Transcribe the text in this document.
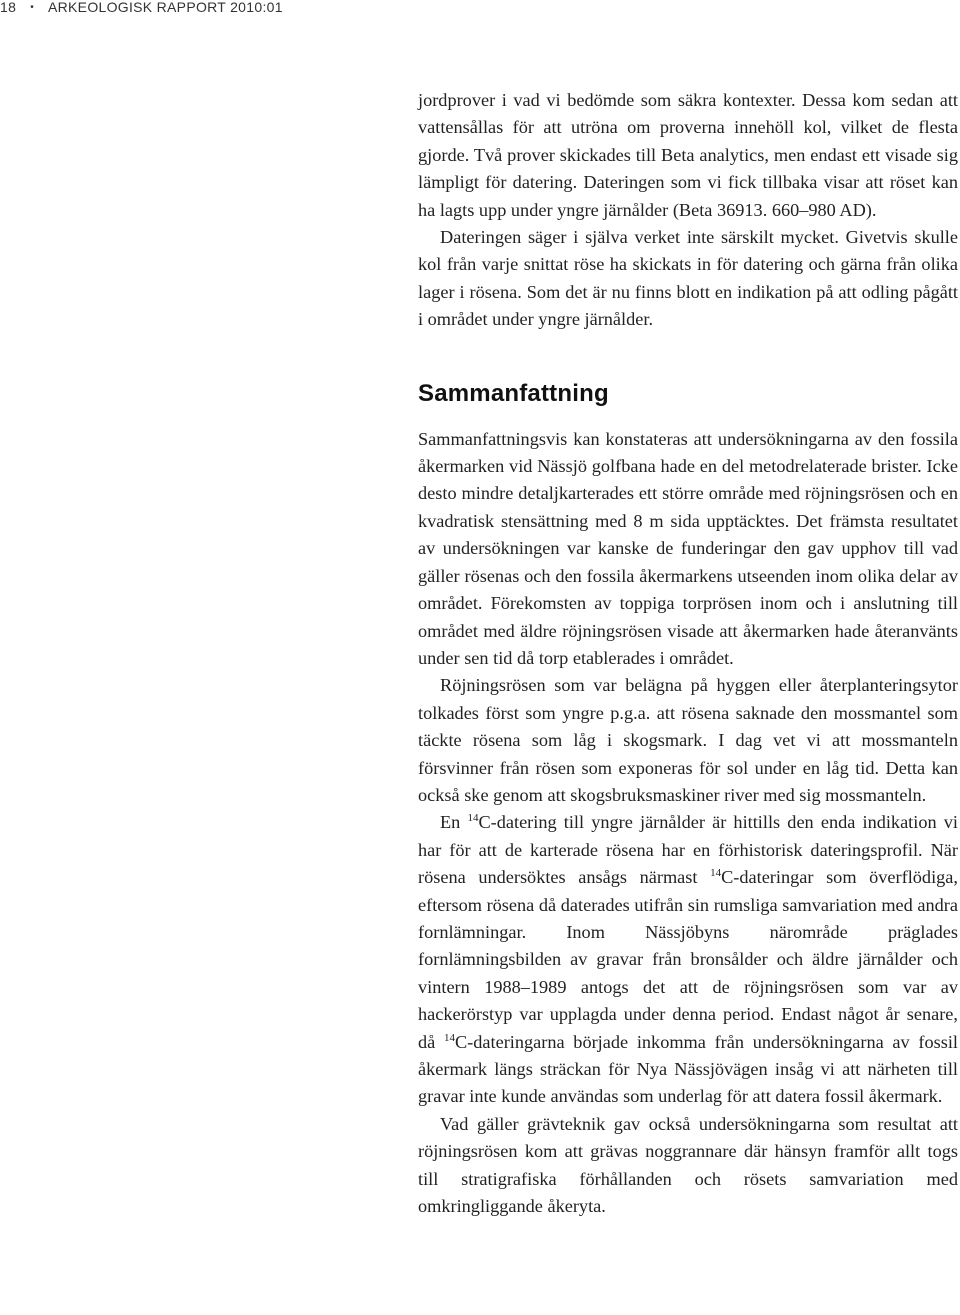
18 • ARKEOLOGISK RAPPORT 2010:01

jordprover i vad vi bedömde som säkra kontexter. Dessa kom sedan att vattensållas för att utröna om proverna innehöll kol, vilket de flesta gjorde. Två prover skickades till Beta analytics, men endast ett visade sig lämpligt för datering. Dateringen som vi fick tillbaka visar att röset kan ha lagts upp under yngre järnålder (Beta 36913. 660–980 AD).

Dateringen säger i själva verket inte särskilt mycket. Givetvis skulle kol från varje snittat röse ha skickats in för datering och gärna från olika lager i rösena. Som det är nu finns blott en indikation på att odling pågått i området under yngre järnålder.

Sammanfattning

Sammanfattningsvis kan konstateras att undersökningarna av den fossila åkermarken vid Nässjö golfbana hade en del metodrelaterade brister. Icke desto mindre detaljkarterades ett större område med röjningsrösen och en kvadratisk stensättning med 8 m sida upptäcktes. Det främsta resultatet av undersökningen var kanske de funderingar den gav upphov till vad gäller rösenas och den fossila åkermarkens utseenden inom olika delar av området. Förekomsten av toppiga torprösen inom och i anslutning till området med äldre röjningsrösen visade att åkermarken hade återanvänts under sen tid då torp etablerades i området.

Röjningsrösen som var belägna på hyggen eller återplanteringsytor tolkades först som yngre p.g.a. att rösena saknade den mossmantel som täckte rösena som låg i skogsmark. I dag vet vi att mossmanteln försvinner från rösen som exponeras för sol under en låg tid. Detta kan också ske genom att skogsbruksmaskiner river med sig mossmanteln.

En $^{14}$C-datering till yngre järnålder är hittills den enda indikation vi har för att de karterade rösena har en förhistorisk dateringsprofil. När rösena undersöktes ansågs närmast $^{14}$C-dateringar som överflödiga, eftersom rösena då daterades utifrån sin rumsliga samvariation med andra fornlämningar. Inom Nässjöbyns närområde präglades fornlämningsbilden av gravar från bronsålder och äldre järnålder och vintern 1988–1989 antogs det att de röjningsrösen som var av hackerörstyp var upplagda under denna period. Endast något år senare, då $^{14}$C-dateringarna började inkomma från undersökningarna av fossil åkermark längs sträckan för Nya Nässjövägen insåg vi att närheten till gravar inte kunde användas som underlag för att datera fossil åkermark.

Vad gäller grävteknik gav också undersökningarna som resultat att röjningsrösen kom att grävas noggrannare där hänsyn framför allt togs till stratigrafiska förhållanden och rösets samvariation med omkringliggande åkeryta.
